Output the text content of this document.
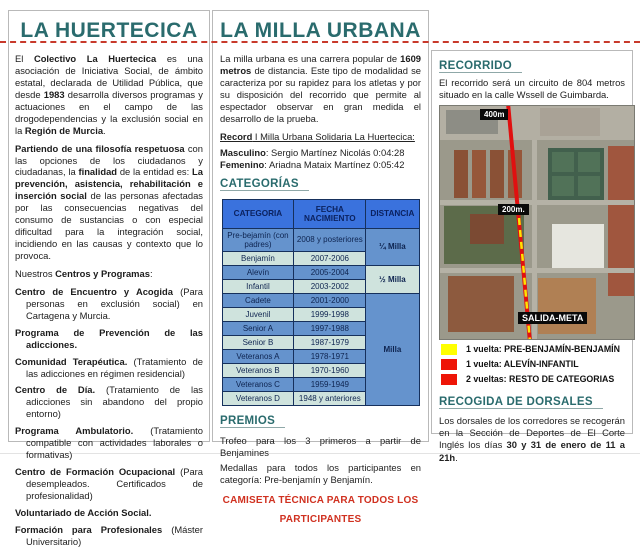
LA HUERTECICA
El Colectivo La Huertecica es una asociación de Iniciativa Social, de ámbito estatal, declarada de Utilidad Pública, que desde 1983 desarrolla diversos programas y actuaciones en el campo de las drogodependencias y la exclusión social en la Región de Murcia.
Partiendo de una filosofía respetuosa con las opciones de los ciudadanos y ciudadanas, la finalidad de la entidad es: La prevención, asistencia, rehabilitación e inserción social de las personas afectadas por las consecuencias negativas del consumo de sustancias o con especial dificultad para la integración social, incidiendo en las causas y contexto que lo provoca.
Nuestros Centros y Programas:
Centro de Encuentro y Acogida (Para personas en exclusión social) en Cartagena y Murcia.
Programa de Prevención de las adicciones.
Comunidad Terapéutica. (Tratamiento de las adicciones en régimen residencial)
Centro de Día. (Tratamiento de las adicciones sin abandono del propio entorno)
Programa Ambulatorio. (Tratamiento compatible con actividades laborales o formativas)
Centro de Formación Ocupacional (Para desempleados. Certificados de profesionalidad)
Voluntariado de Acción Social.
Formación para Profesionales (Máster Universitario)
LA MILLA URBANA
La milla urbana es una carrera popular de 1609 metros de distancia. Este tipo de modalidad se caracteriza por su rapidez para los atletas y por su disposición del recorrido que permite al espectador observar en gran medida el desarrollo de la prueba.
Record I Milla Urbana Solidaria La Huertecica:
Masculino: Sergio Martínez Nicolás 0:04:28
Femenino: Ariadna Mataix Martínez 0:05:42
CATEGORÍAS
CATEGORIA	FECHA NACIMIENTO	DISTANCIA
Pre-bejamín (con padres)	2008 y posteriores	¼ Milla
Benjamín	2007-2006	
Alevín	2005-2004	½ Milla
Infantil	2003-2002	
Cadete	2001-2000	Milla
Juvenil	1999-1998	
Senior A	1997-1988	
Senior B	1987-1979	
Veteranos A	1978-1971	
Veteranos B	1970-1960	
Veteranos C	1959-1949	
Veteranos D	1948 y anteriores	
PREMIOS
Trofeo para los 3 primeros a partir de Benjamines
Medallas para todos los participantes en categoría: Pre-benjamín y Benjamín.
CAMISETA TÉCNICA PARA TODOS LOS PARTICIPANTES
RECORRIDO
El recorrido será un circuito de 804 metros situado en la calle Wssell de Guimbarda.
400m
200m.
SALIDA-META
1 vuelta: PRE-BENJAMÍN-BENJAMÍN
1 vuelta: ALEVÍN-INFANTIL
2 vueltas: RESTO DE CATEGORIAS
RECOGIDA DE DORSALES
Los dorsales de los corredores se recogerán en la Sección de Deportes de El Corte Inglés los días 30 y 31 de enero de 11 a 21h.
